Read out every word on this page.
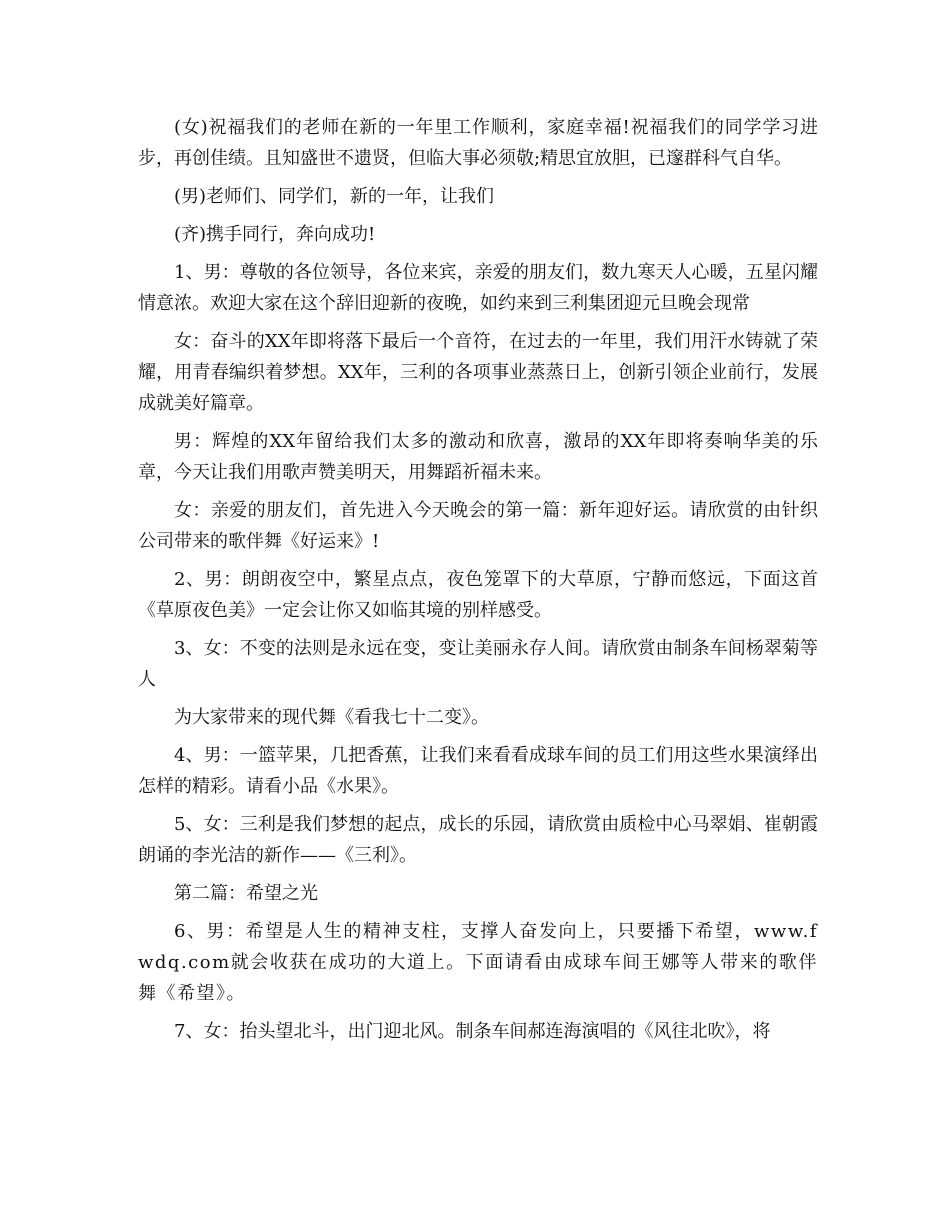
(女)祝福我们的老师在新的一年里工作顺利，家庭幸福!祝福我们的同学学习进步，再创佳绩。且知盛世不遗贤，但临大事必须敬;精思宜放胆，已邃群科气自华。

(男)老师们、同学们，新的一年，让我们

(齐)携手同行，奔向成功!

1、男：尊敬的各位领导，各位来宾，亲爱的朋友们，数九寒天人心暖，五星闪耀情意浓。欢迎大家在这个辞旧迎新的夜晚，如约来到三利集团迎元旦晚会现常

女：奋斗的XX年即将落下最后一个音符，在过去的一年里，我们用汗水铸就了荣耀，用青春编织着梦想。XX年，三利的各项事业蒸蒸日上，创新引领企业前行，发展成就美好篇章。

男：辉煌的XX年留给我们太多的激动和欣喜，激昂的XX年即将奏响华美的乐章，今天让我们用歌声赞美明天，用舞蹈祈福未来。

女：亲爱的朋友们，首先进入今天晚会的第一篇：新年迎好运。请欣赏的由针织公司带来的歌伴舞《好运来》!

2、男：朗朗夜空中，繁星点点，夜色笼罩下的大草原，宁静而悠远，下面这首《草原夜色美》一定会让你又如临其境的别样感受。

3、女：不变的法则是永远在变，变让美丽永存人间。请欣赏由制条车间杨翠菊等人

为大家带来的现代舞《看我七十二变》。

4、男：一篮苹果，几把香蕉，让我们来看看成球车间的员工们用这些水果演绎出怎样的精彩。请看小品《水果》。

5、女：三利是我们梦想的起点，成长的乐园，请欣赏由质检中心马翠娟、崔朝霞朗诵的李光洁的新作——《三利》。

第二篇：希望之光

6、男：希望是人生的精神支柱，支撑人奋发向上，只要播下希望，www.fwdq.com就会收获在成功的大道上。下面请看由成球车间王娜等人带来的歌伴舞《希望》。

7、女：抬头望北斗，出门迎北风。制条车间郝连海演唱的《风往北吹》，将
